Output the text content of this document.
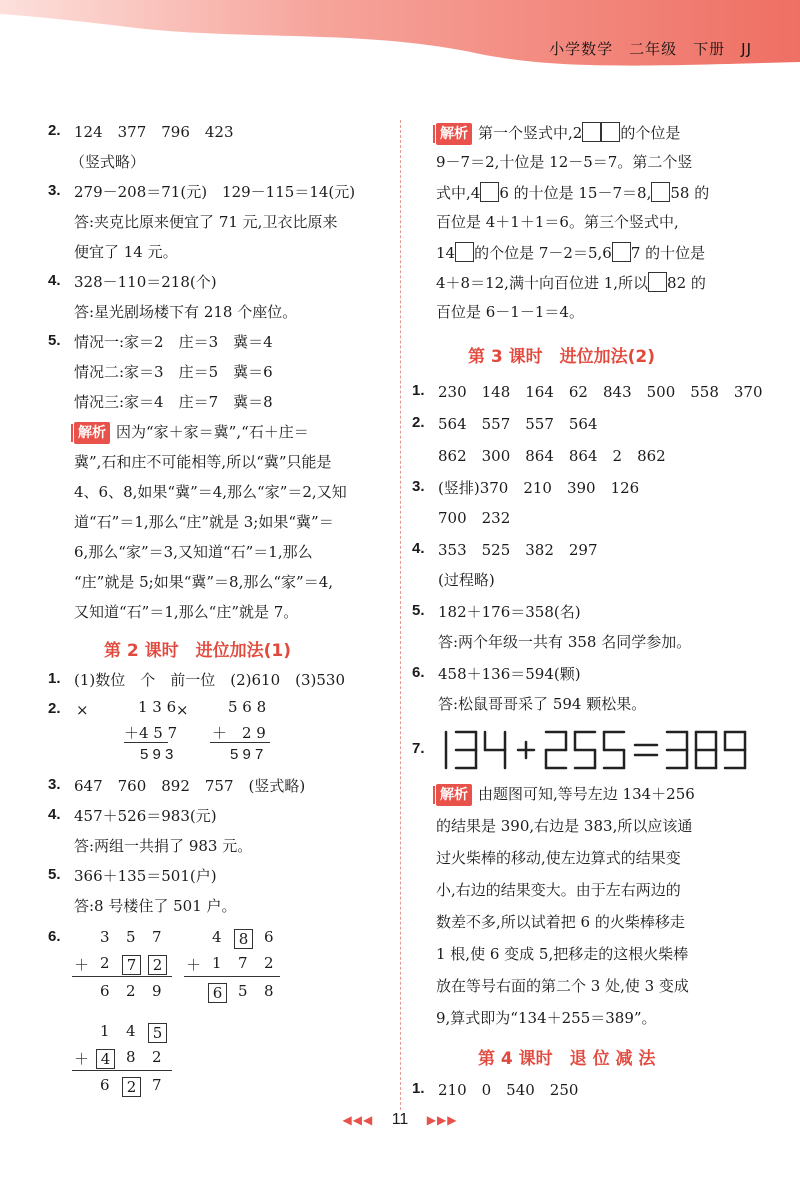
小学数学　二年级　下册　JJ
2. 124　377　796　423
（竖式略）
3. 279－208＝71(元)　129－115＝14(元)
答:夹克比原来便宜了 71 元,卫衣比原来
便宜了 14 元。
4. 328－110＝218(个)
答:星光剧场楼下有 218 个座位。
5. 情况一:家＝2　庄＝3　冀＝4
情况二:家＝3　庄＝5　冀＝6
情况三:家＝4　庄＝7　冀＝8
解析 因为“家＋家＝冀”,“石＋庄＝
冀”,石和庄不可能相等,所以“冀”只能是
4、6、8,如果“冀”＝4,那么“家”＝2,又知
道“石”＝1,那么“庄”就是 3;如果“冀”＝
6,那么“家”＝3,又知道“石”＝1,那么
“庄”就是 5;如果“冀”＝8,那么“家”＝4,
又知道“石”＝1,那么“庄”就是 7。
第 2 课时　进位加法(1)
1. (1)数位　个　前一位　(2)610　(3)530
2. ×	1 3 6
＋4 5 7
5 9 3
×	5 6 8
＋　2 9
5 9 7
3. 647　760　892　757　(竖式略)
4. 457＋526＝983(元)
答:两组一共捐了 983 元。
5. 366＋135＝501(户)
答:8 号楼住了 501 户。
6.	3 5 7
＋ 2	7	2
6 2 9
4	8	6
＋ 1 7 2
6	5 8
1 4	5
＋ 4	8 2
6	2	7
解析 第一个竖式中,2	的个位是
9－7＝2,十位是 12－5＝7。第二个竖
式中,4 6 的十位是 15－7＝8, 58 的
百位是 4＋1＋1＝6。第三个竖式中,
14 的个位是 7－2＝5,6 7 的十位是
4＋8＝12,满十向百位进 1,所以 82 的
百位是 6－1－1＝4。
第 3 课时　进位加法(2)
1. 230　148　164　62　843　500　558　370
2. 564　557　557　564
862　300　864　864　2　862
3. (竖排)370　210　390　126
700　232
4. 353　525　382　297
(过程略)
5. 182＋176＝358(名)
答:两个年级一共有 358 名同学参加。
6. 458＋136＝594(颗)
答:松鼠哥哥采了 594 颗松果。
7.
解析 由题图可知,等号左边 134＋256
的结果是 390,右边是 383,所以应该通
过火柴棒的移动,使左边算式的结果变
小,右边的结果变大。由于左右两边的
数差不多,所以试着把 6 的火柴棒移走
1 根,使 6 变成 5,把移走的这根火柴棒
放在等号右面的第二个 3 处,使 3 变成
9,算式即为“134＋255＝389”。
第 4 课时　退 位 减 法
1. 210　0　540　250
◀◀◀ 11 ▶▶▶
